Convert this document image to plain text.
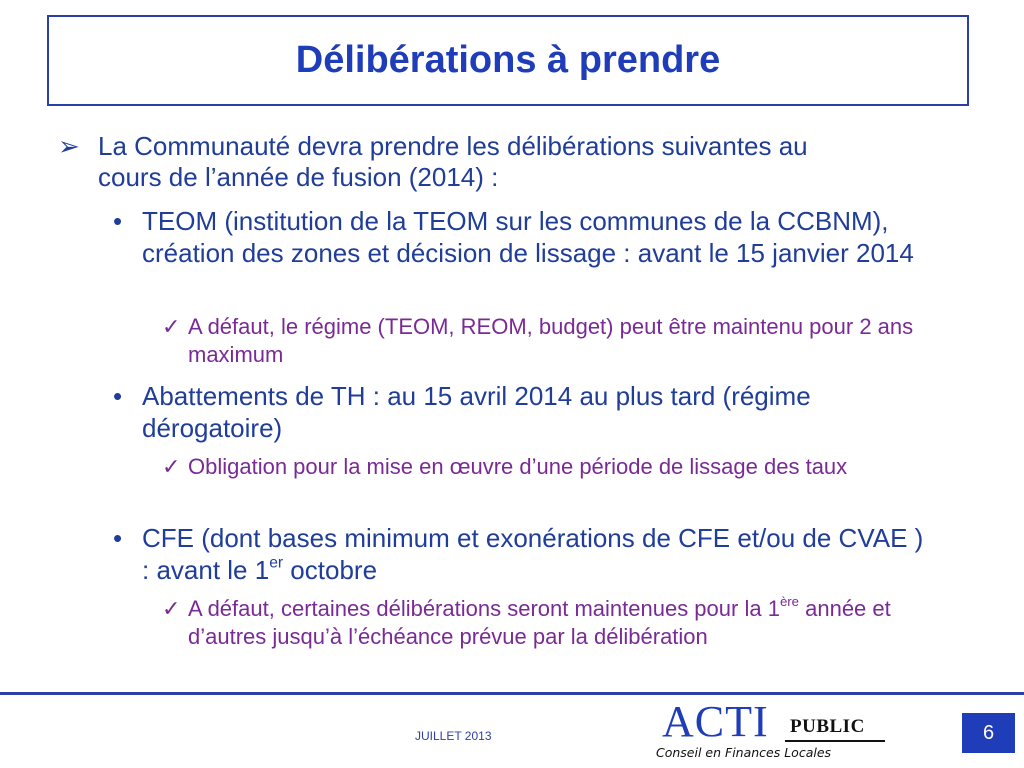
Délibérations à prendre
➢ La Communauté devra prendre les délibérations suivantes au cours de l’année de fusion (2014) :
• TEOM (institution de la TEOM sur les communes de la CCBNM), création des zones et décision de lissage : avant le 15 janvier 2014
✓ A défaut, le régime (TEOM, REOM, budget) peut être maintenu pour 2 ans maximum
• Abattements de TH : au 15 avril 2014 au plus tard (régime dérogatoire)
✓ Obligation pour la mise en œuvre d’une période de lissage des taux
• CFE (dont bases minimum et exonérations de CFE et/ou de CVAE ) : avant le 1er octobre
✓ A défaut, certaines délibérations seront maintenues pour la 1ère année et d’autres jusqu’à l’échéance prévue par la délibération
JUILLET 2013	ACTI PUBLIC
Conseil en Finances Locales
6
